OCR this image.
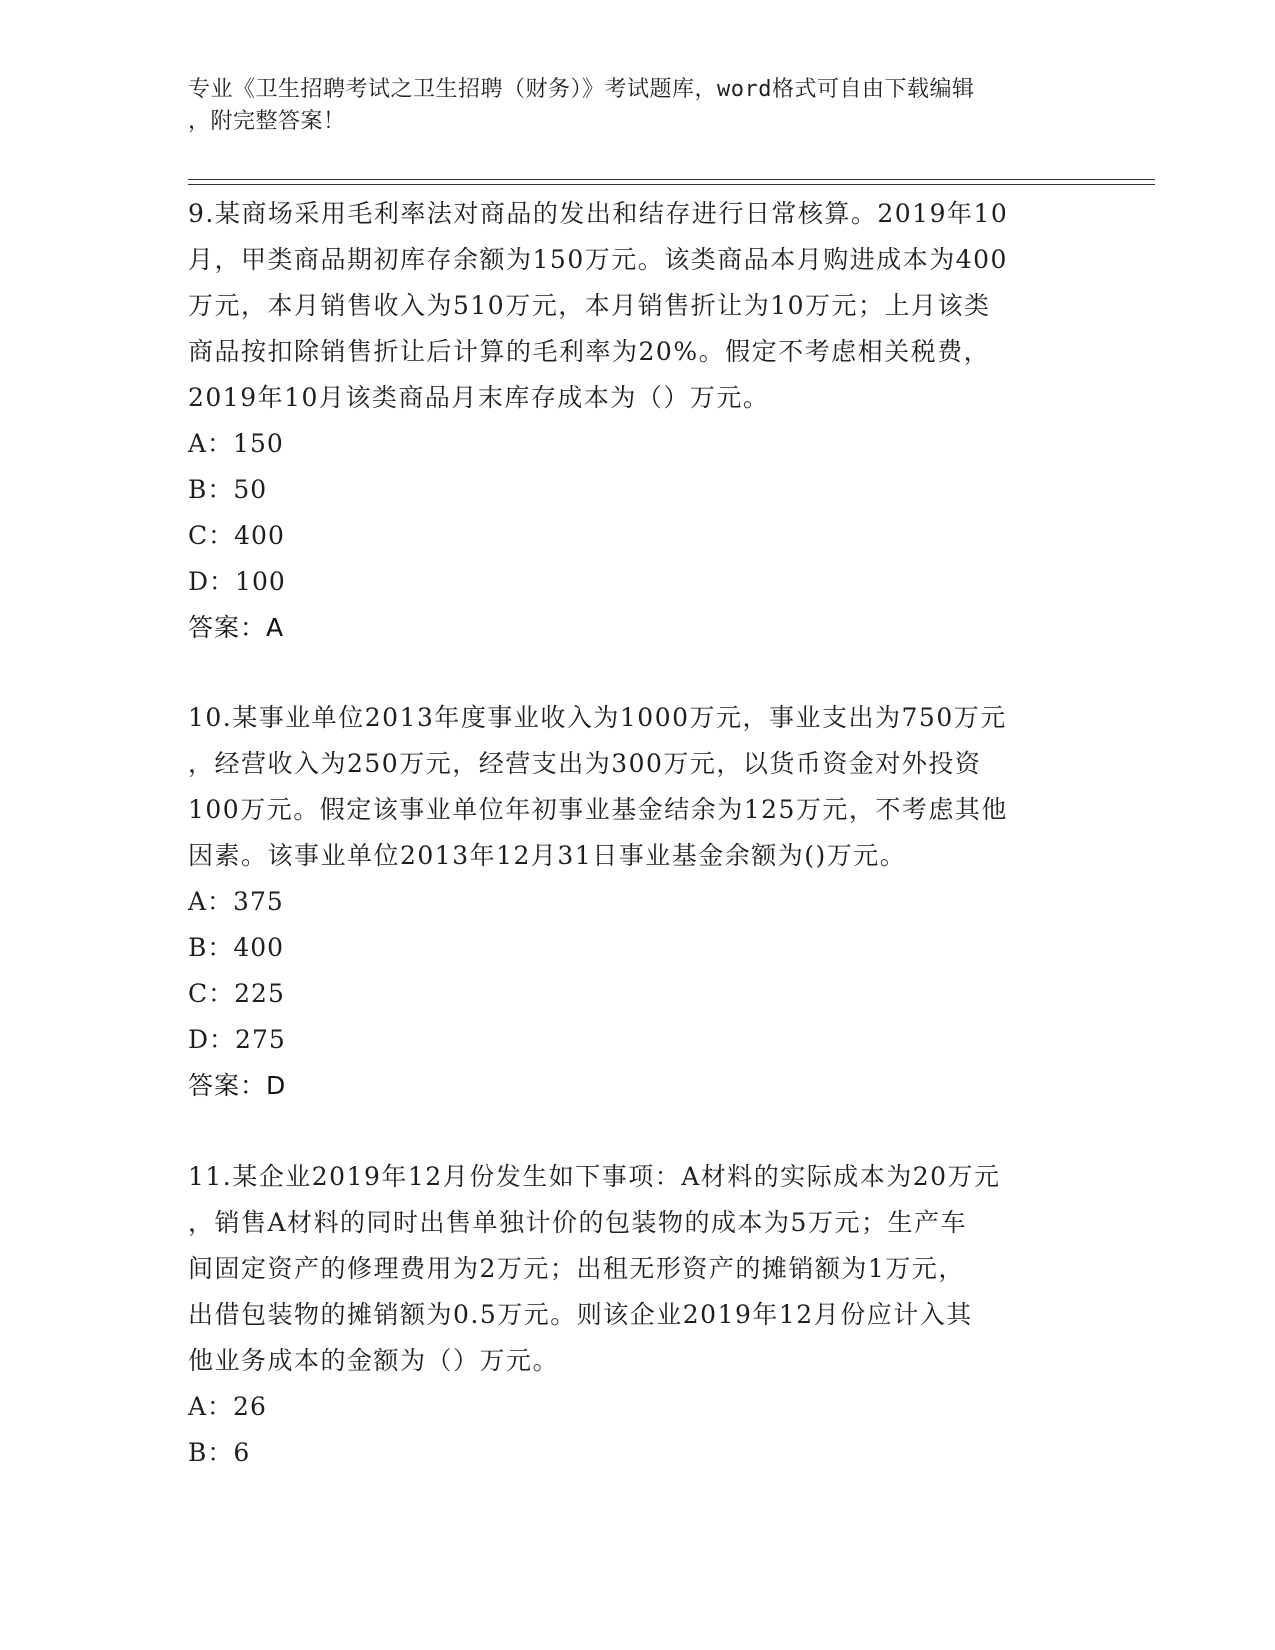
专业《卫生招聘考试之卫生招聘（财务）》考试题库，word格式可自由下载编辑
，附完整答案！
9.某商场采用毛利率法对商品的发出和结存进行日常核算。2019年10
月，甲类商品期初库存余额为150万元。该类商品本月购进成本为400
万元，本月销售收入为510万元，本月销售折让为10万元；上月该类
商品按扣除销售折让后计算的毛利率为20%。假定不考虑相关税费，
2019年10月该类商品月末库存成本为（）万元。
A：150
B：50
C：400
D：100
答案：A
10.某事业单位2013年度事业收入为1000万元，事业支出为750万元
，经营收入为250万元，经营支出为300万元，以货币资金对外投资
100万元。假定该事业单位年初事业基金结余为125万元，不考虑其他
因素。该事业单位2013年12月31日事业基金余额为()万元。
A：375
B：400
C：225
D：275
答案：D
11.某企业2019年12月份发生如下事项：A材料的实际成本为20万元
，销售A材料的同时出售单独计价的包装物的成本为5万元；生产车
间固定资产的修理费用为2万元；出租无形资产的摊销额为1万元，
出借包装物的摊销额为0.5万元。则该企业2019年12月份应计入其
他业务成本的金额为（）万元。
A：26
B：6
